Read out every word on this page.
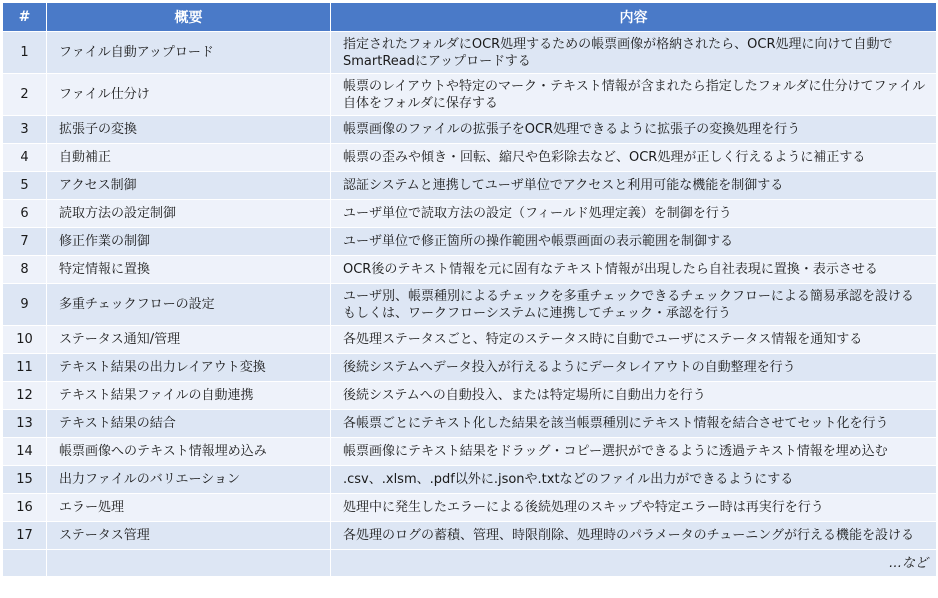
#	概要	内容
1	ファイル自動アップロード	指定されたフォルダにOCR処理するための帳票画像が格納されたら、OCR処理に向けて自動でSmartReadにアップロードする
2	ファイル仕分け	帳票のレイアウトや特定のマーク・テキスト情報が含まれたら指定したフォルダに仕分けてファイル自体をフォルダに保存する
3	拡張子の変換	帳票画像のファイルの拡張子をOCR処理できるように拡張子の変換処理を行う
4	自動補正	帳票の歪みや傾き・回転、縮尺や色彩除去など、OCR処理が正しく行えるように補正する
5	アクセス制御	認証システムと連携してユーザ単位でアクセスと利用可能な機能を制御する
6	読取方法の設定制御	ユーザ単位で読取方法の設定（フィールド処理定義）を制御を行う
7	修正作業の制御	ユーザ単位で修正箇所の操作範囲や帳票画面の表示範囲を制御する
8	特定情報に置換	OCR後のテキスト情報を元に固有なテキスト情報が出現したら自社表現に置換・表示させる
9	多重チェックフローの設定	ユーザ別、帳票種別によるチェックを多重チェックできるチェックフローによる簡易承認を設ける もしくは、ワークフローシステムに連携してチェック・承認を行う
10	ステータス通知/管理	各処理ステータスごと、特定のステータス時に自動でユーザにステータス情報を通知する
11	テキスト結果の出力レイアウト変換	後続システムへデータ投入が行えるようにデータレイアウトの自動整理を行う
12	テキスト結果ファイルの自動連携	後続システムへの自動投入、または特定場所に自動出力を行う
13	テキスト結果の結合	各帳票ごとにテキスト化した結果を該当帳票種別にテキスト情報を結合させてセット化を行う
14	帳票画像へのテキスト情報埋め込み	帳票画像にテキスト結果をドラッグ・コピー選択ができるように透過テキスト情報を埋め込む
15	出力ファイルのバリエーション	.csv、.xlsm、.pdf以外に.jsonや.txtなどのファイル出力ができるようにする
16	エラー処理	処理中に発生したエラーによる後続処理のスキップや特定エラー時は再実行を行う
17	ステータス管理	各処理のログの蓄積、管理、時限削除、処理時のパラメータのチューニングが行える機能を設ける
		…など
